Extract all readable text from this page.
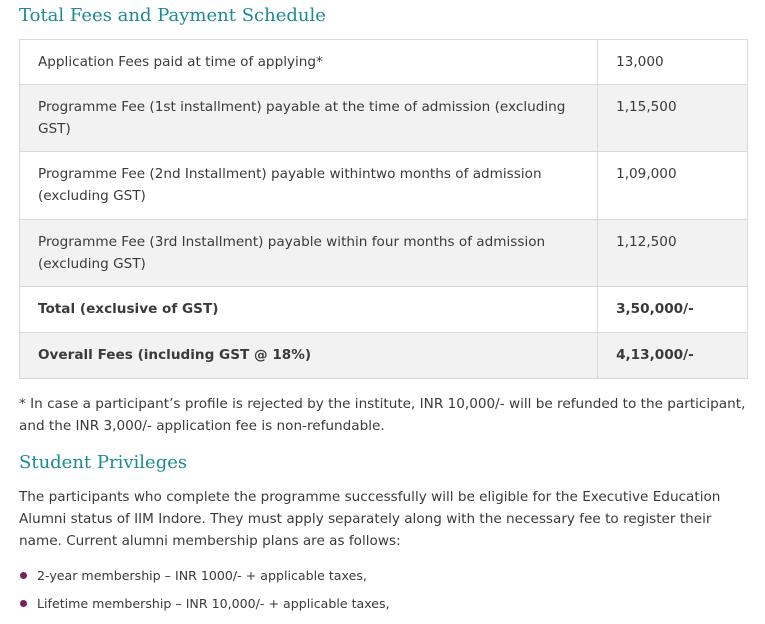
Total Fees and Payment Schedule
Application Fees paid at time of applying*	13,000
Programme Fee (1st installment) payable at the time of admission (excluding GST)	1,15,500
Programme Fee (2nd Installment) payable withintwo months of admission (excluding GST)	1,09,000
Programme Fee (3rd Installment) payable within four months of admission (excluding GST)	1,12,500
Total (exclusive of GST)	3,50,000/-
Overall Fees (including GST @ 18%)	4,13,000/-

* In case a participant’s profile is rejected by the institute, INR 10,000/- will be refunded to the participant, and the INR 3,000/- application fee is non-refundable.

Student Privileges

The participants who complete the programme successfully will be eligible for the Executive Education Alumni status of IIM Indore. They must apply separately along with the necessary fee to register their name. Current alumni membership plans are as follows:

2-year membership – INR 1000/- + applicable taxes,
Lifetime membership – INR 10,000/- + applicable taxes,
